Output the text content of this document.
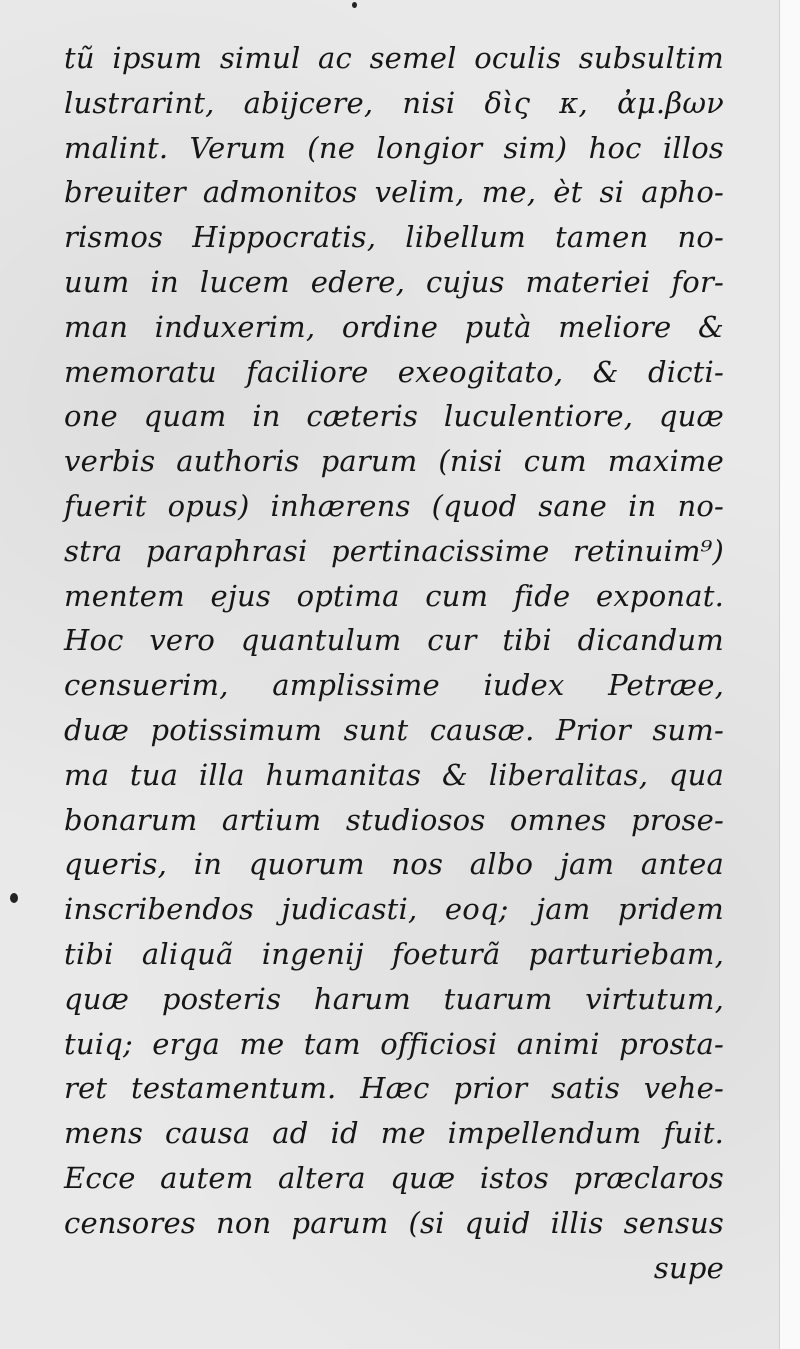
tũ ipsum simul ac semel oculis subsultim
lustrarint, abijcere, nisi δὶς κ, ἀμ.βων
malint. Verum (ne longior sim) hoc illos
breuiter admonitos velim, me, èt si apho-
rismos Hippocratis, libellum tamen no-
uum in lucem edere, cujus materiei for-
man induxerim, ordine putà meliore &
memoratu faciliore exeogitato, & dicti-
one quam in cæteris luculentiore, quæ
verbis authoris parum (nisi cum maxime
fuerit opus) inhærens (quod sane in no-
stra paraphrasi pertinacissime retinuim⁹)
mentem ejus optima cum fide exponat.
Hoc vero quantulum cur tibi dicandum
censuerim, amplissime iudex Petræe,
duæ potissimum sunt causæ. Prior sum-
ma tua illa humanitas & liberalitas, qua
bonarum artium studiosos omnes prose-
queris, in quorum nos albo jam antea
inscribendos judicasti, eoq; jam pridem
tibi aliquã ingenij foeturã parturiebam,
quæ posteris harum tuarum virtutum,
tuiq; erga me tam officiosi animi prosta-
ret testamentum. Hæc prior satis vehe-
mens causa ad id me impellendum fuit.
Ecce autem altera quæ istos præclaros
censores non parum (si quid illis sensus
supe
